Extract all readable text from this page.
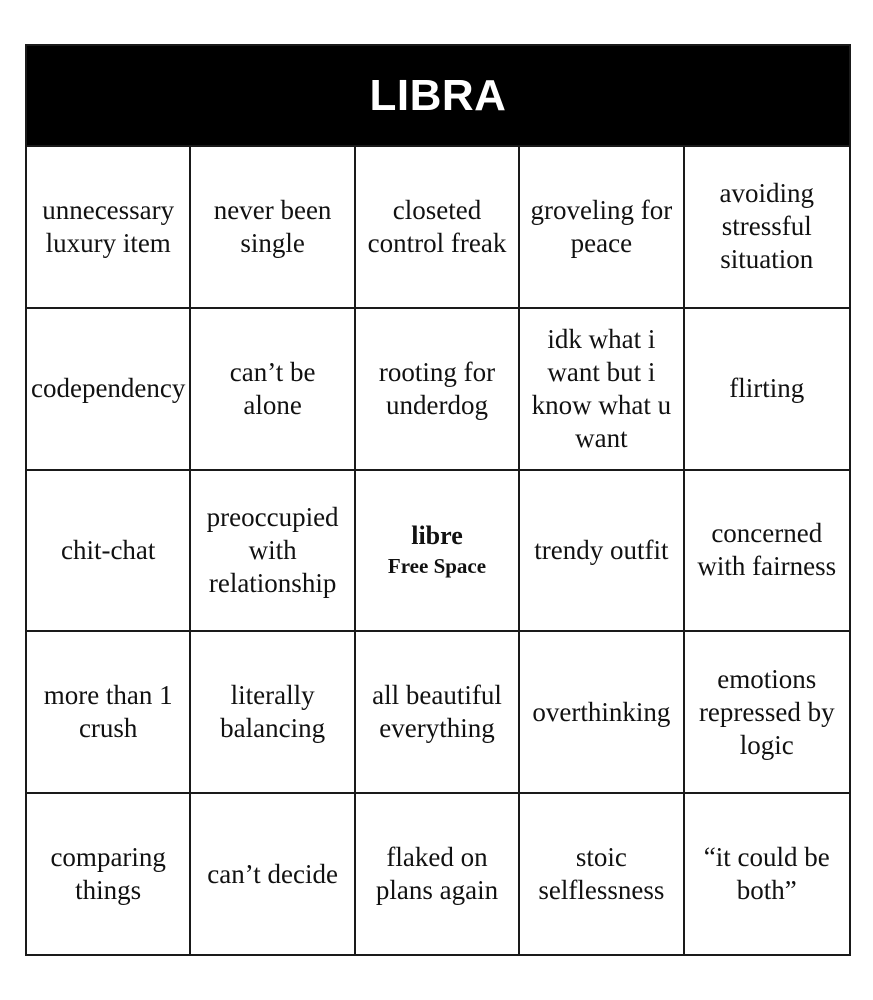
LIBRA
unnecessary
luxury item
never been
single
closeted
control freak
groveling for
peace
avoiding
stressful
situation
codependency
can’t be
alone
rooting for
underdog
idk what i
want but i
know what u
want
flirting
chit-chat
preoccupied
with
relationship
libre
Free Space
trendy outfit
concerned
with fairness
more than 1
crush
literally
balancing
all beautiful
everything
overthinking
emotions
repressed by
logic
comparing
things
can’t decide
flaked on
plans again
stoic
selflessness
“it could be
both”
